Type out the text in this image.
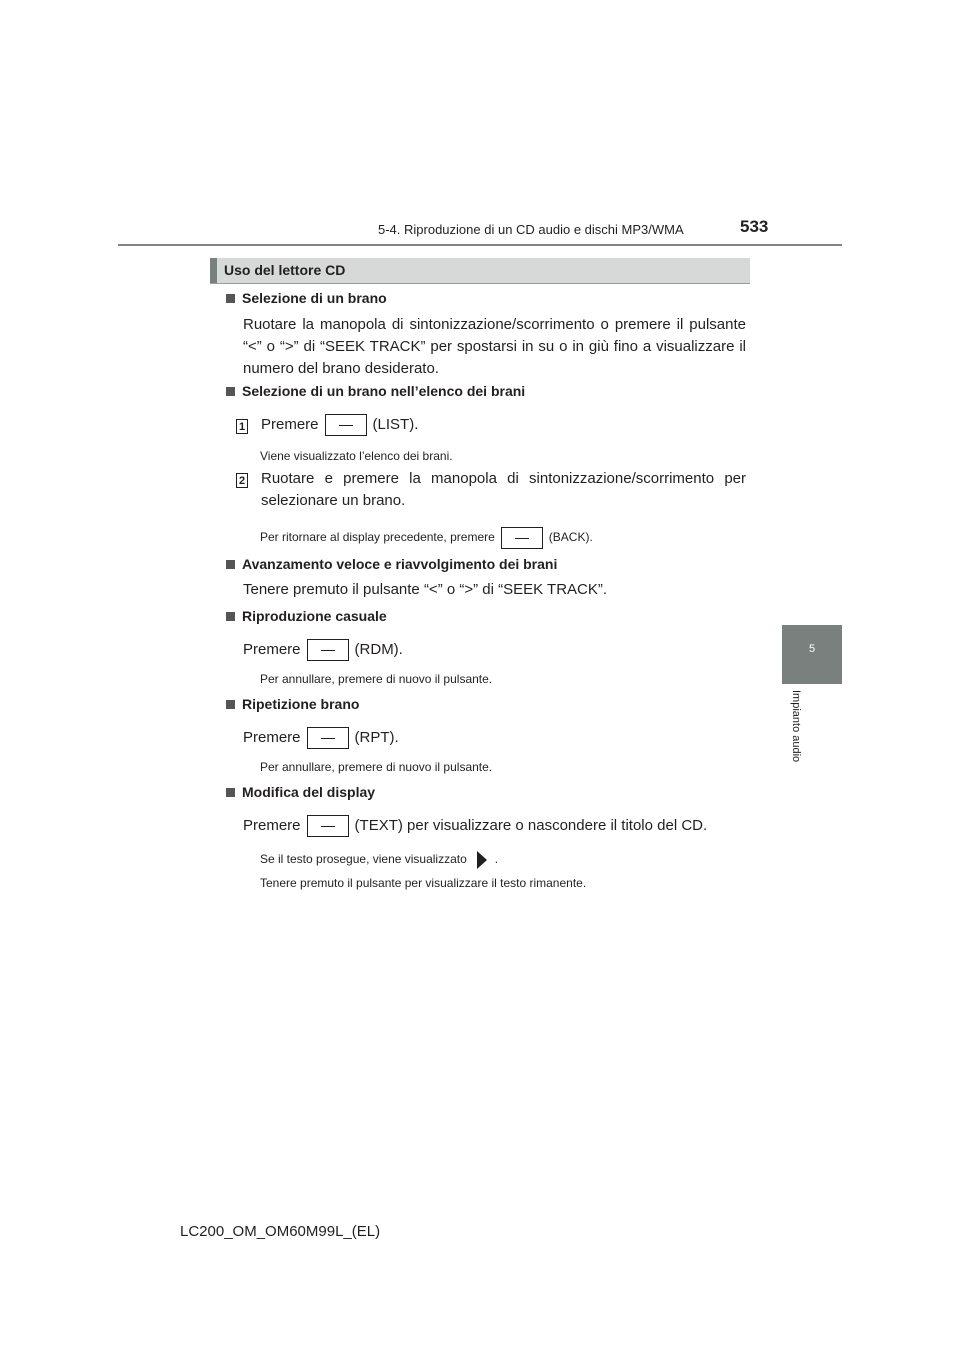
5-4. Riproduzione di un CD audio e dischi MP3/WMA	533
5
Impianto audio
Uso del lettore CD
Selezione di un brano
Ruotare la manopola di sintonizzazione/scorrimento o premere il pulsante “<” o “>” di “SEEK TRACK” per spostarsi in su o in giù fino a visualizzare il numero del brano desiderato.
Selezione di un brano nell’elenco dei brani
1 Premere	(LIST).
Viene visualizzato l’elenco dei brani.
2 Ruotare e premere la manopola di sintonizzazione/scorrimento per selezionare un brano.
Per ritornare al display precedente, premere	(BACK).
Avanzamento veloce e riavvolgimento dei brani
Tenere premuto il pulsante “<” o “>” di “SEEK TRACK”.
Riproduzione casuale
Premere	(RDM).
Per annullare, premere di nuovo il pulsante.
Ripetizione brano
Premere	(RPT).
Per annullare, premere di nuovo il pulsante.
Modifica del display
Premere	(TEXT) per visualizzare o nascondere il titolo del CD.
Se il testo prosegue, viene visualizzato .
Tenere premuto il pulsante per visualizzare il testo rimanente.
LC200_OM_OM60M99L_(EL)
